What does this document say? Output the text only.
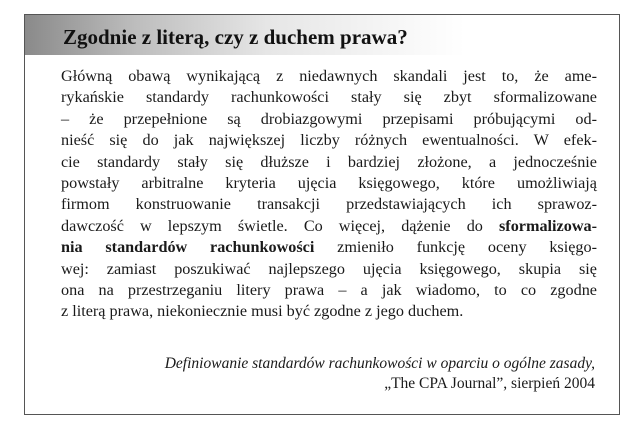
Zgodnie z literą, czy z duchem prawa?
Główną obawą wynikającą z niedawnych skandali jest to, że ame-
rykańskie standardy rachunkowości stały się zbyt sformalizowane
– że przepełnione są drobiazgowymi przepisami próbującymi od-
nieść się do jak największej liczby różnych ewentualności. W efek-
cie standardy stały się dłuższe i bardziej złożone, a jednocześnie
powstały arbitralne kryteria ujęcia księgowego, które umożliwiają
firmom konstruowanie transakcji przedstawiających ich sprawoz-
dawczość w lepszym świetle. Co więcej, dążenie do sformalizowa-
nia standardów rachunkowości zmieniło funkcję oceny księgo-
wej: zamiast poszukiwać najlepszego ujęcia księgowego, skupia się
ona na przestrzeganiu litery prawa – a jak wiadomo, to co zgodne
z literą prawa, niekoniecznie musi być zgodne z jego duchem.
Definiowanie standardów rachunkowości w oparciu o ogólne zasady,
„The CPA Journal”, sierpień 2004
